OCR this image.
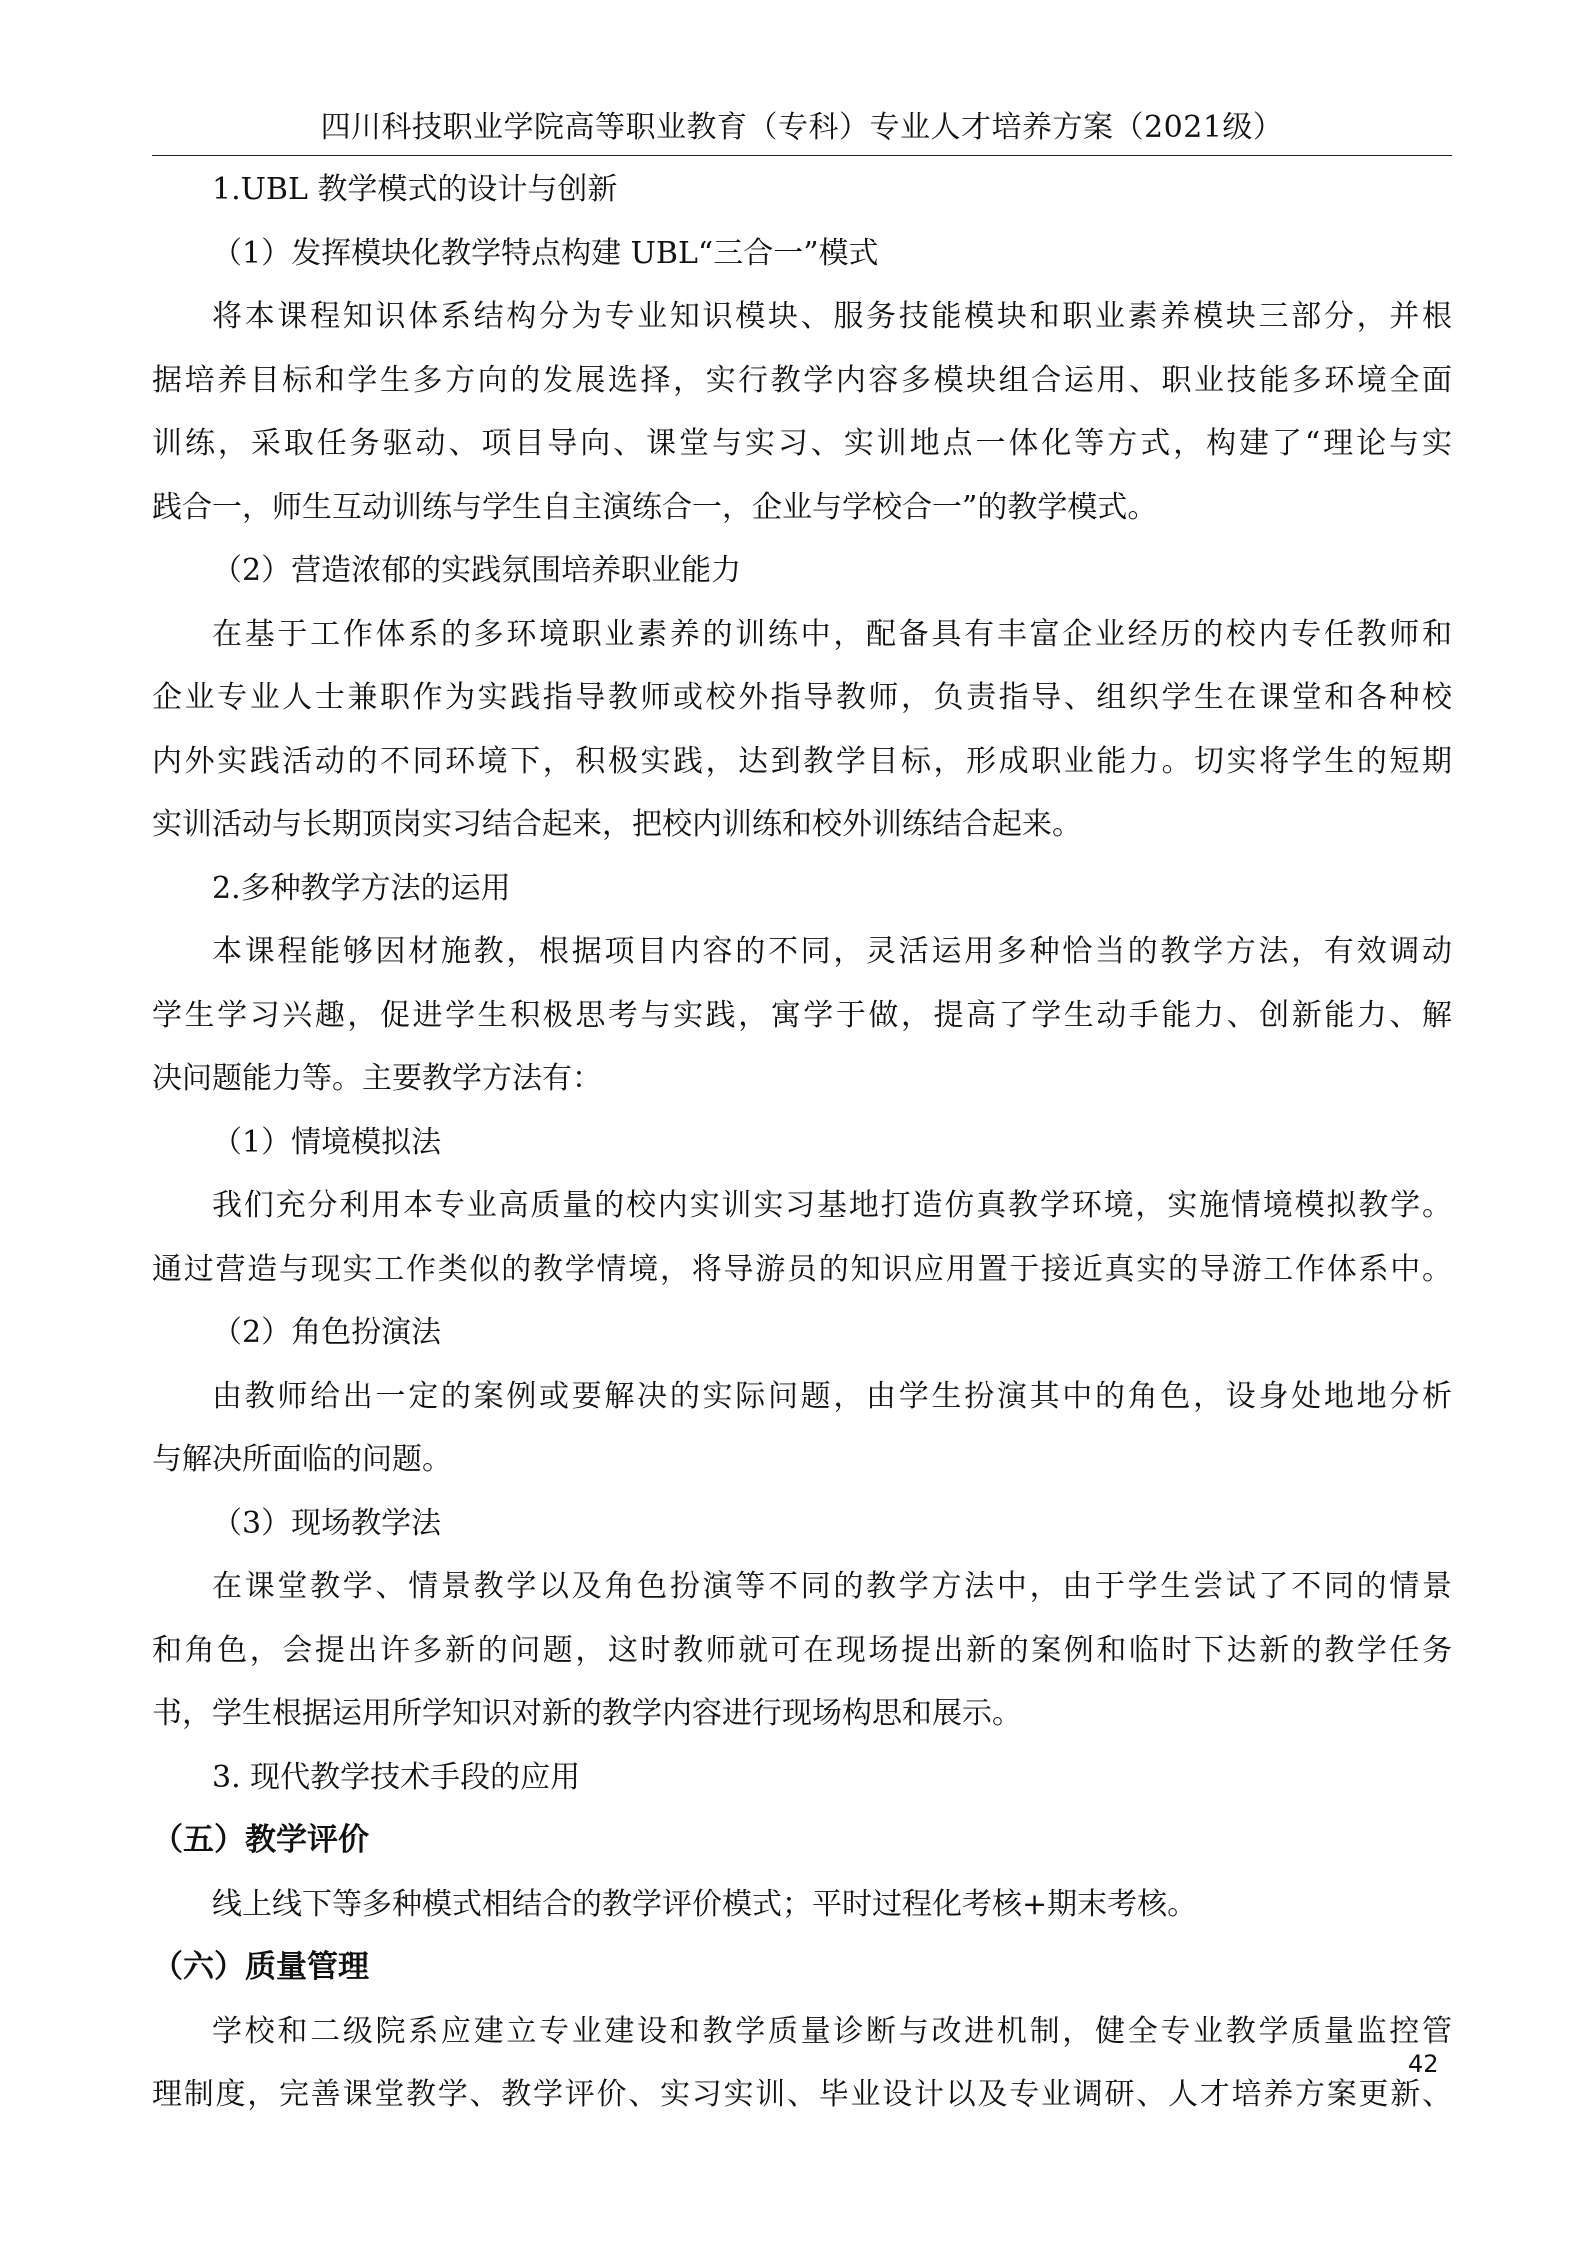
四川科技职业学院高等职业教育（专科）专业人才培养方案（2021级）
1.UBL 教学模式的设计与创新
（1）发挥模块化教学特点构建 UBL“三合一”模式
将本课程知识体系结构分为专业知识模块、服务技能模块和职业素养模块三部分，并根
据培养目标和学生多方向的发展选择，实行教学内容多模块组合运用、职业技能多环境全面
训练，采取任务驱动、项目导向、课堂与实习、实训地点一体化等方式，构建了“理论与实
践合一，师生互动训练与学生自主演练合一，企业与学校合一”的教学模式。
（2）营造浓郁的实践氛围培养职业能力
在基于工作体系的多环境职业素养的训练中，配备具有丰富企业经历的校内专任教师和
企业专业人士兼职作为实践指导教师或校外指导教师，负责指导、组织学生在课堂和各种校
内外实践活动的不同环境下，积极实践，达到教学目标，形成职业能力。切实将学生的短期
实训活动与长期顶岗实习结合起来，把校内训练和校外训练结合起来。
2.多种教学方法的运用
本课程能够因材施教，根据项目内容的不同，灵活运用多种恰当的教学方法，有效调动
学生学习兴趣，促进学生积极思考与实践，寓学于做，提高了学生动手能力、创新能力、解
决问题能力等。主要教学方法有：
（1）情境模拟法
我们充分利用本专业高质量的校内实训实习基地打造仿真教学环境，实施情境模拟教学。
通过营造与现实工作类似的教学情境，将导游员的知识应用置于接近真实的导游工作体系中。
（2）角色扮演法
由教师给出一定的案例或要解决的实际问题，由学生扮演其中的角色，设身处地地分析
与解决所面临的问题。
（3）现场教学法
在课堂教学、情景教学以及角色扮演等不同的教学方法中，由于学生尝试了不同的情景
和角色，会提出许多新的问题，这时教师就可在现场提出新的案例和临时下达新的教学任务
书，学生根据运用所学知识对新的教学内容进行现场构思和展示。
3. 现代教学技术手段的应用
（五）教学评价
线上线下等多种模式相结合的教学评价模式；平时过程化考核+期末考核。
（六）质量管理
学校和二级院系应建立专业建设和教学质量诊断与改进机制，健全专业教学质量监控管
理制度，完善课堂教学、教学评价、实习实训、毕业设计以及专业调研、人才培养方案更新、
42
